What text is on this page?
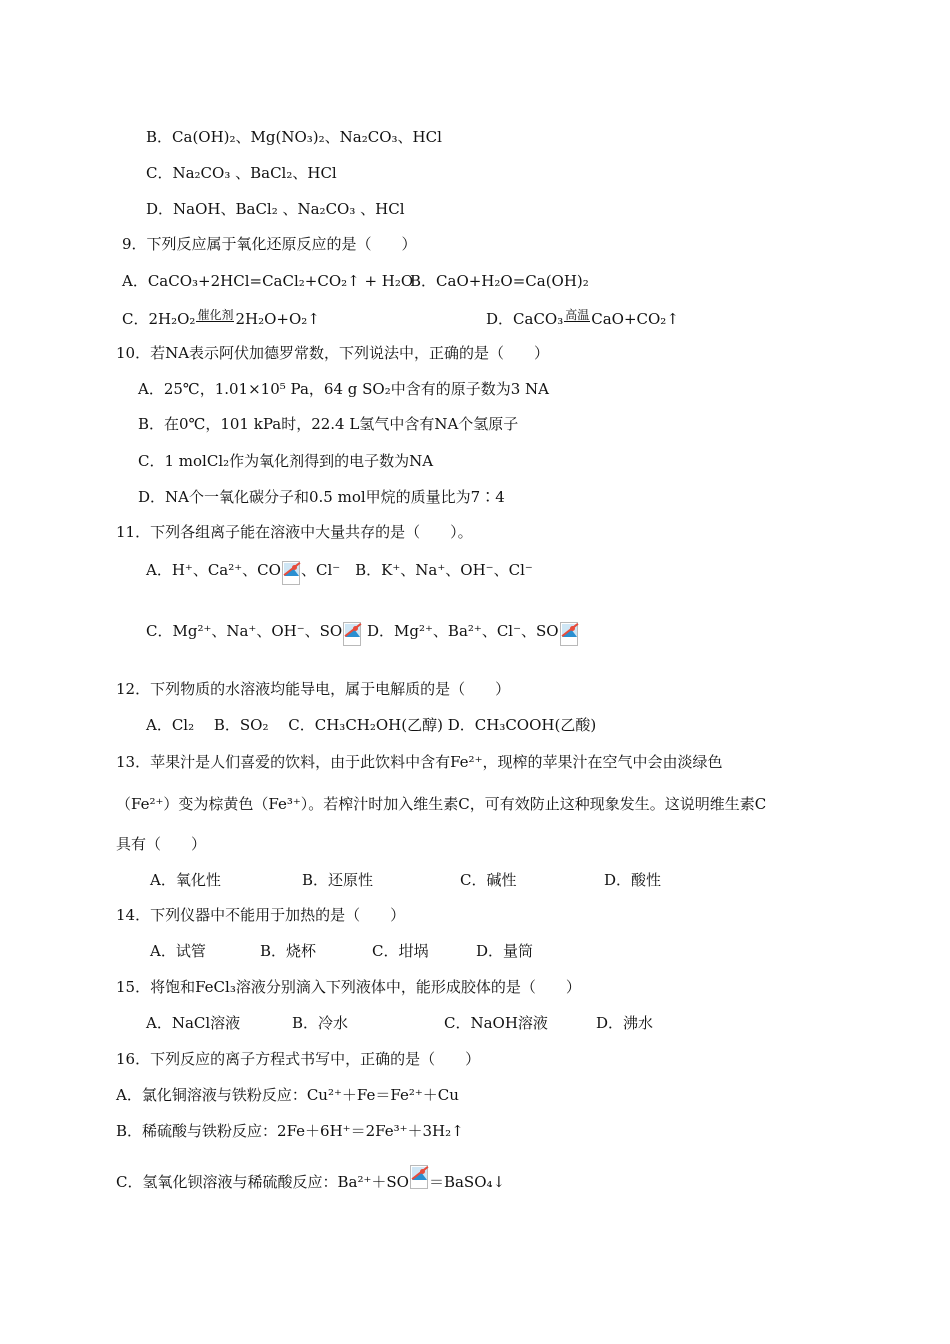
B．Ca(OH)₂、Mg(NO₃)₂、Na₂CO₃、HCl
C．Na₂CO₃ 、BaCl₂、HCl
D．NaOH、BaCl₂ 、Na₂CO₃ 、HCl
9．下列反应属于氧化还原反应的是（　　）
A．CaCO₃+2HCl=CaCl₂+CO₂↑ + H₂O
B．CaO+H₂O=Ca(OH)₂
C．2H₂O₂ 催化剂 2H₂O+O₂↑	D．CaCO₃ 高温 CaO+CO₂↑
10．若NA表示阿伏加德罗常数，下列说法中，正确的是（　　）
A．25℃，1.01×10⁵ Pa，64 g SO₂中含有的原子数为3 NA
B．在0℃，101 kPa时，22.4 L氢气中含有NA个氢原子
C．1 molCl₂作为氧化剂得到的电子数为NA
D．NA个一氧化碳分子和0.5 mol甲烷的质量比为7∶4
11．下列各组离子能在溶液中大量共存的是（　　）。
A．H⁺、Ca²⁺、CO 、Cl⁻　B．K⁺、Na⁺、OH⁻、Cl⁻
C．Mg²⁺、Na⁺、OH⁻、SO D．Mg²⁺、Ba²⁺、Cl⁻、SO
12．下列物质的水溶液均能导电，属于电解质的是（　　）
A．Cl₂　 B．SO₂　 C．CH₃CH₂OH(乙醇) D．CH₃COOH(乙酸)
13．苹果汁是人们喜爱的饮料，由于此饮料中含有Fe²⁺，现榨的苹果汁在空气中会由淡绿色
（Fe²⁺）变为棕黄色（Fe³⁺）。若榨汁时加入维生素C，可有效防止这种现象发生。这说明维生素C
具有（　　）
A．氧化性	B．还原性	C．碱性	D．酸性
14．下列仪器中不能用于加热的是（　　）
A．试管	B．烧杯	C．坩埚	D．量筒
15．将饱和FeCl₃溶液分别滴入下列液体中，能形成胶体的是（　　）
A．NaCl溶液	B．冷水	C．NaOH溶液	D．沸水
16．下列反应的离子方程式书写中，正确的是（　　）
A．氯化铜溶液与铁粉反应：Cu²⁺＋Fe＝Fe²⁺＋Cu
B．稀硫酸与铁粉反应：2Fe＋6H⁺＝2Fe³⁺＋3H₂↑
C．氢氧化钡溶液与稀硫酸反应：Ba²⁺＋SO ＝BaSO₄↓
